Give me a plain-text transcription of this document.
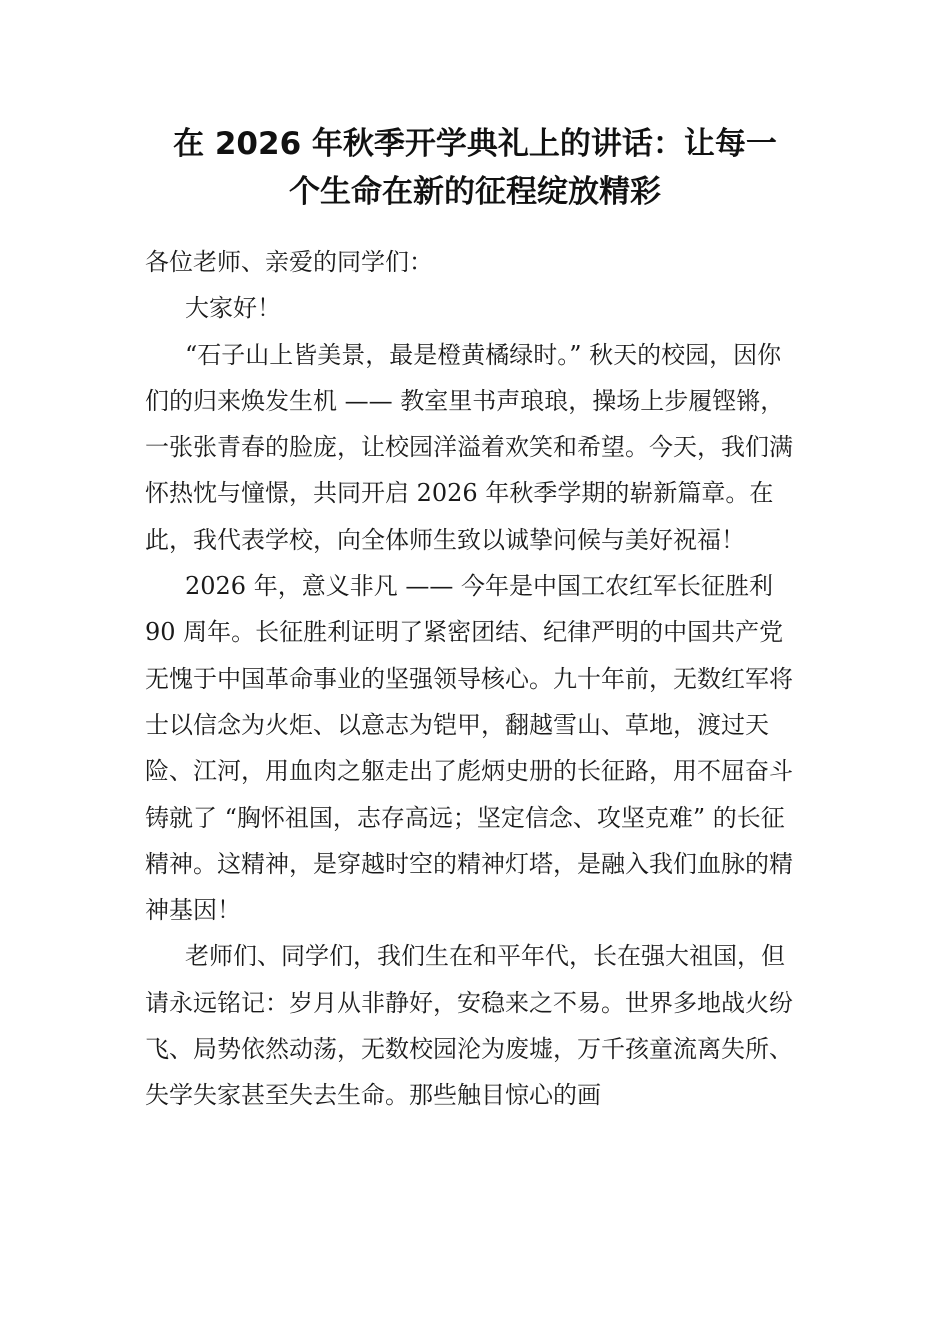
在 2026 年秋季开学典礼上的讲话：让每一
个生命在新的征程绽放精彩

各位老师、亲爱的同学们：

大家好！

“石子山上皆美景，最是橙黄橘绿时。” 秋天的校园，因你们的归来焕发生机 —— 教室里书声琅琅，操场上步履铿锵，一张张青春的脸庞，让校园洋溢着欢笑和希望。今天，我们满怀热忱与憧憬，共同开启 2026 年秋季学期的崭新篇章。在此，我代表学校，向全体师生致以诚挚问候与美好祝福！

2026 年，意义非凡 —— 今年是中国工农红军长征胜利 90 周年。长征胜利证明了紧密团结、纪律严明的中国共产党无愧于中国革命事业的坚强领导核心。九十年前，无数红军将士以信念为火炬、以意志为铠甲，翻越雪山、草地，渡过天险、江河，用血肉之躯走出了彪炳史册的长征路，用不屈奋斗铸就了 “胸怀祖国，志存高远；坚定信念、攻坚克难” 的长征精神。这精神，是穿越时空的精神灯塔，是融入我们血脉的精神基因！

老师们、同学们，我们生在和平年代，长在强大祖国，但请永远铭记：岁月从非静好，安稳来之不易。世界多地战火纷飞、局势依然动荡，无数校园沦为废墟，万千孩童流离失所、失学失家甚至失去生命。那些触目惊心的画
